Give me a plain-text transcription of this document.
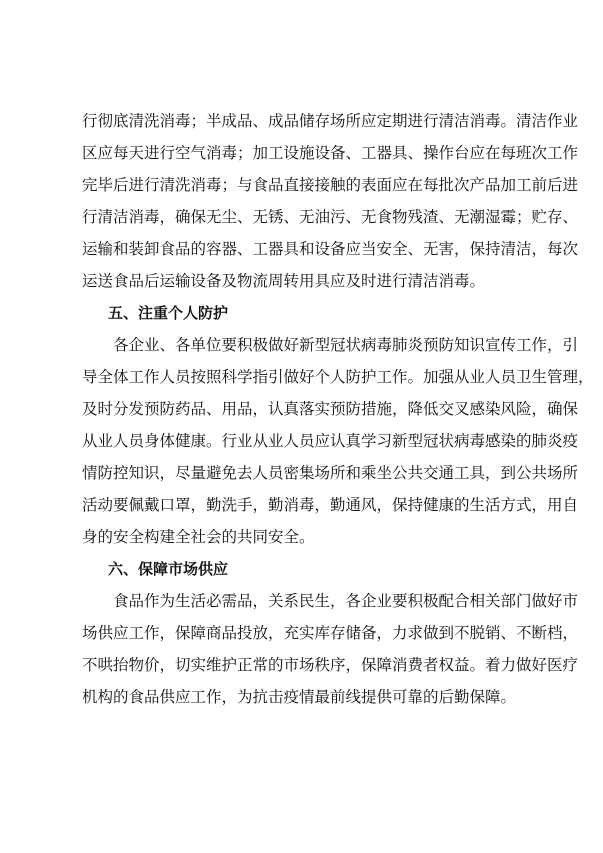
行彻底清洗消毒；半成品、成品储存场所应定期进行清洁消毒。清洁作业
区应每天进行空气消毒；加工设施设备、工器具、操作台应在每班次工作
完毕后进行清洗消毒；与食品直接接触的表面应在每批次产品加工前后进
行清洁消毒，确保无尘、无锈、无油污、无食物残渣、无潮湿霉；贮存、
运输和装卸食品的容器、工器具和设备应当安全、无害，保持清洁，每次
运送食品后运输设备及物流周转用具应及时进行清洁消毒。
五、注重个人防护
各企业、各单位要积极做好新型冠状病毒肺炎预防知识宣传工作，引
导全体工作人员按照科学指引做好个人防护工作。加强从业人员卫生管理，
及时分发预防药品、用品，认真落实预防措施，降低交叉感染风险，确保
从业人员身体健康。行业从业人员应认真学习新型冠状病毒感染的肺炎疫
情防控知识，尽量避免去人员密集场所和乘坐公共交通工具，到公共场所
活动要佩戴口罩，勤洗手，勤消毒，勤通风，保持健康的生活方式，用自
身的安全构建全社会的共同安全。
六、保障市场供应
食品作为生活必需品，关系民生，各企业要积极配合相关部门做好市
场供应工作，保障商品投放，充实库存储备，力求做到不脱销、不断档，
不哄抬物价，切实维护正常的市场秩序，保障消费者权益。着力做好医疗
机构的食品供应工作，为抗击疫情最前线提供可靠的后勤保障。
